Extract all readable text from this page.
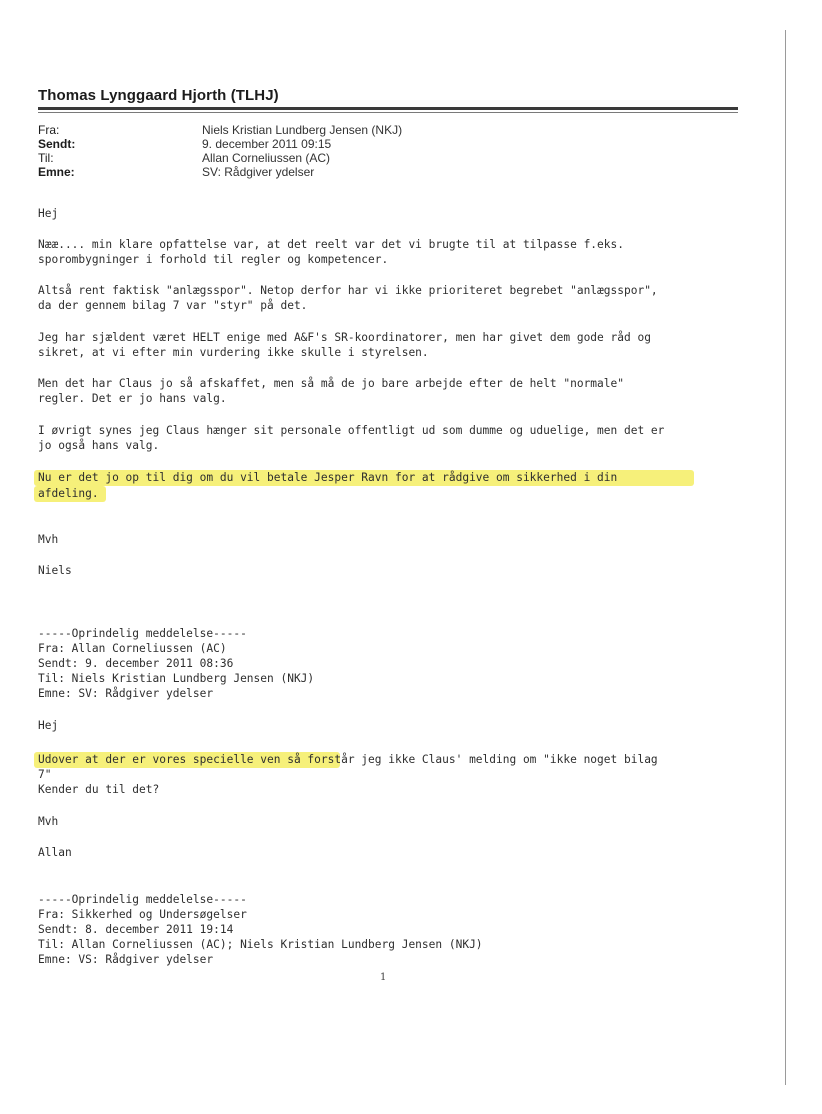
Thomas Lynggaard Hjorth (TLHJ)
Fra:	Niels Kristian Lundberg Jensen (NKJ)
Sendt:	9. december 2011 09:15
Til:	Allan Corneliussen (AC)
Emne:	SV: Rådgiver ydelser
Hej
Nææ.... min klare opfattelse var, at det reelt var det vi brugte til at tilpasse f.eks.
sporombygninger i forhold til regler og kompetencer.
Altså rent faktisk "anlægsspor". Netop derfor har vi ikke prioriteret begrebet "anlægsspor",
da der gennem bilag 7 var "styr" på det.
Jeg har sjældent været HELT enige med A&F's SR-koordinatorer, men har givet dem gode råd og
sikret, at vi efter min vurdering ikke skulle i styrelsen.
Men det har Claus jo så afskaffet, men så må de jo bare arbejde efter de helt "normale"
regler. Det er jo hans valg.
I øvrigt synes jeg Claus hænger sit personale offentligt ud som dumme og uduelige, men det er
jo også hans valg.
Nu er det jo op til dig om du vil betale Jesper Ravn for at rådgive om sikkerhed i din
afdeling.
Mvh
Niels
-----Oprindelig meddelelse-----
Fra: Allan Corneliussen (AC)
Sendt: 9. december 2011 08:36
Til: Niels Kristian Lundberg Jensen (NKJ)
Emne: SV: Rådgiver ydelser
Hej
Udover at der er vores specielle ven så forstår jeg ikke Claus' melding om "ikke noget bilag
7"
Kender du til det?
Mvh
Allan
-----Oprindelig meddelelse-----
Fra: Sikkerhed og Undersøgelser
Sendt: 8. december 2011 19:14
Til: Allan Corneliussen (AC); Niels Kristian Lundberg Jensen (NKJ)
Emne: VS: Rådgiver ydelser
1
